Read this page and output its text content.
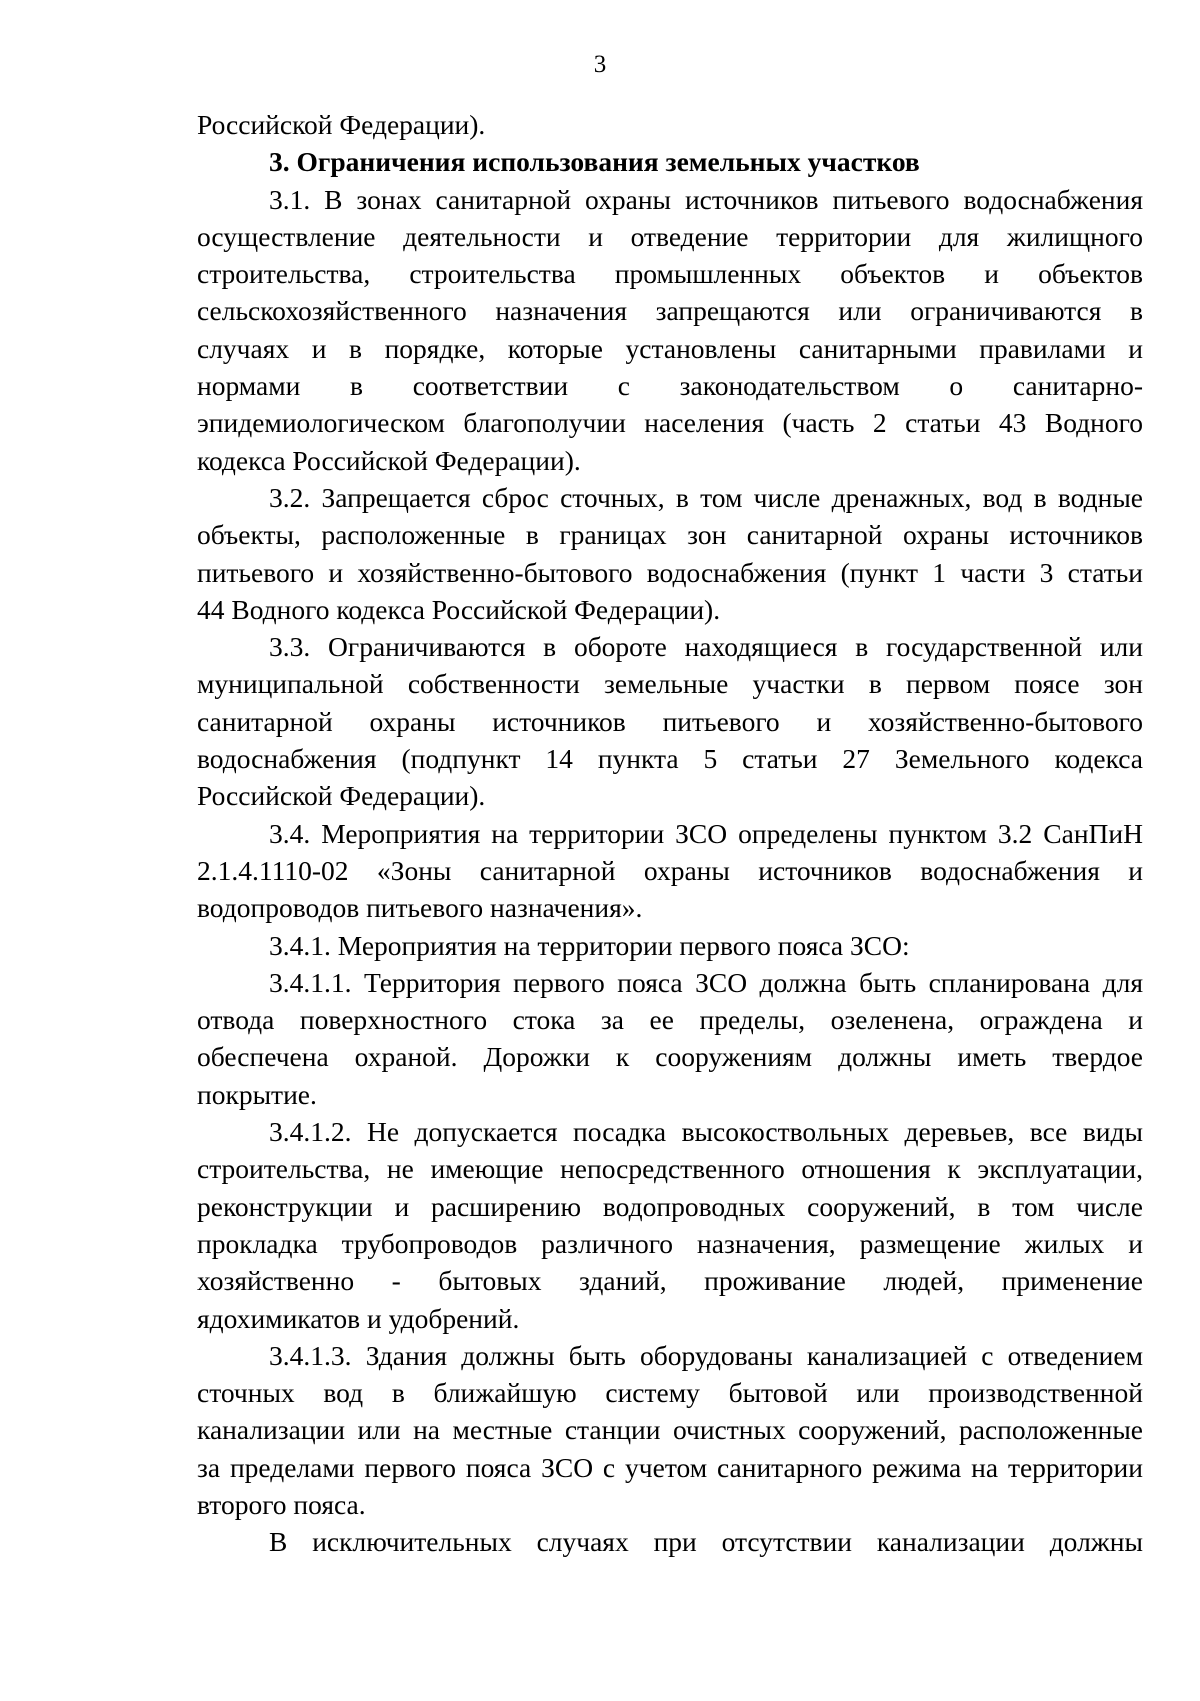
3
Российской Федерации).
3. Ограничения использования земельных участков
3.1. В зонах санитарной охраны источников питьевого водоснабжения
осуществление деятельности и отведение территории для жилищного
строительства, строительства промышленных объектов и объектов
сельскохозяйственного назначения запрещаются или ограничиваются в
случаях и в порядке, которые установлены санитарными правилами и
нормами в соответствии с законодательством о санитарно-
эпидемиологическом благополучии населения (часть 2 статьи 43 Водного
кодекса Российской Федерации).
3.2. Запрещается сброс сточных, в том числе дренажных, вод в водные
объекты, расположенные в границах зон санитарной охраны источников
питьевого и хозяйственно-бытового водоснабжения (пункт 1 части 3 статьи
44 Водного кодекса Российской Федерации).
3.3. Ограничиваются в обороте находящиеся в государственной или
муниципальной собственности земельные участки в первом поясе зон
санитарной охраны источников питьевого и хозяйственно-бытового
водоснабжения (подпункт 14 пункта 5 статьи 27 Земельного кодекса
Российской Федерации).
3.4. Мероприятия на территории ЗСО определены пунктом 3.2 СанПиН
2.1.4.1110-02 «Зоны санитарной охраны источников водоснабжения и
водопроводов питьевого назначения».
3.4.1. Мероприятия на территории первого пояса ЗСО:
3.4.1.1. Территория первого пояса ЗСО должна быть спланирована для
отвода поверхностного стока за ее пределы, озеленена, ограждена и
обеспечена охраной. Дорожки к сооружениям должны иметь твердое
покрытие.
3.4.1.2. Не допускается посадка высокоствольных деревьев, все виды
строительства, не имеющие непосредственного отношения к эксплуатации,
реконструкции и расширению водопроводных сооружений, в том числе
прокладка трубопроводов различного назначения, размещение жилых и
хозяйственно - бытовых зданий, проживание людей, применение
ядохимикатов и удобрений.
3.4.1.3. Здания должны быть оборудованы канализацией с отведением
сточных вод в ближайшую систему бытовой или производственной
канализации или на местные станции очистных сооружений, расположенные
за пределами первого пояса ЗСО с учетом санитарного режима на территории
второго пояса.
В исключительных случаях при отсутствии канализации должны
